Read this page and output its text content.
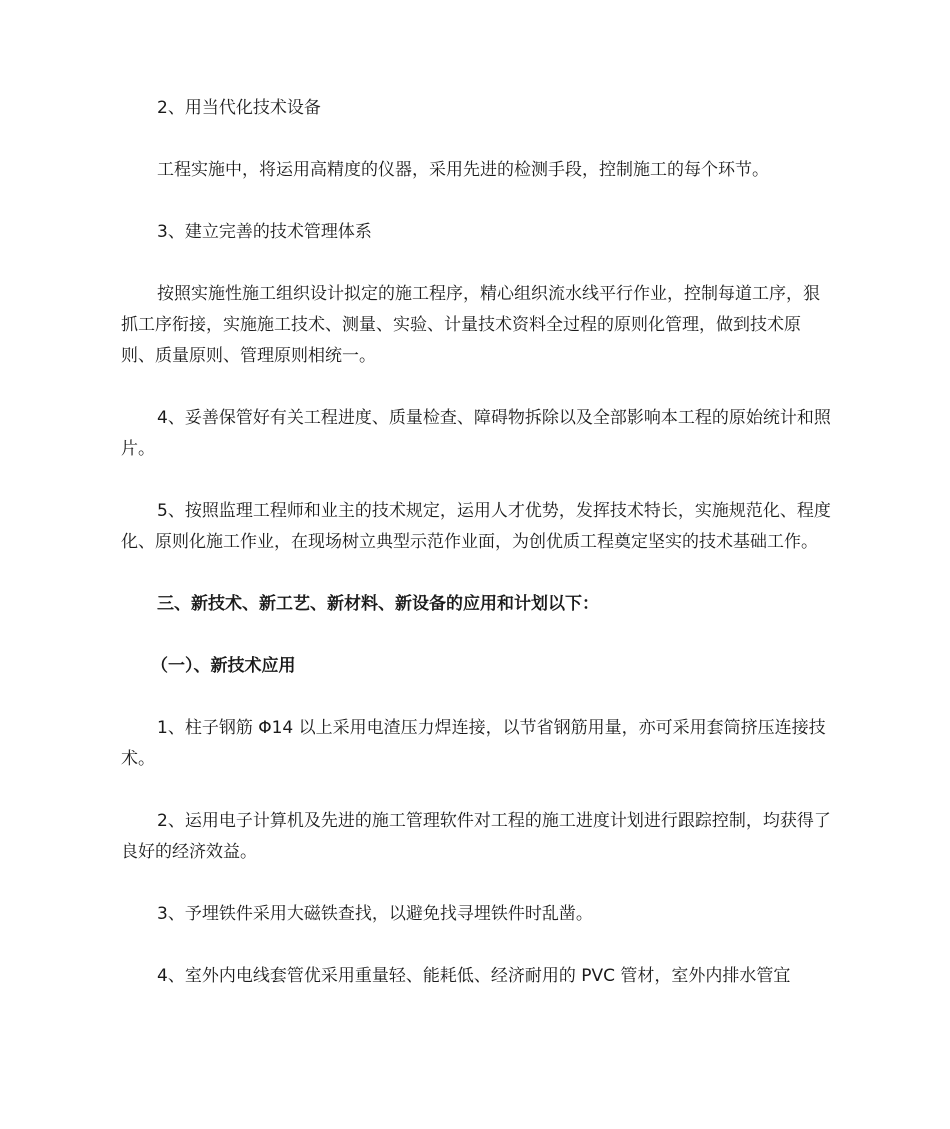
2、用当代化技术设备

工程实施中，将运用高精度的仪器，采用先进的检测手段，控制施工的每个环节。

3、建立完善的技术管理体系

按照实施性施工组织设计拟定的施工程序，精心组织流水线平行作业，控制每道工序，狠抓工序衔接，实施施工技术、测量、实验、计量技术资料全过程的原则化管理，做到技术原则、质量原则、管理原则相统一。

4、妥善保管好有关工程进度、质量检查、障碍物拆除以及全部影响本工程的原始统计和照片。

5、按照监理工程师和业主的技术规定，运用人才优势，发挥技术特长，实施规范化、程度化、原则化施工作业，在现场树立典型示范作业面，为创优质工程奠定坚实的技术基础工作。

三、新技术、新工艺、新材料、新设备的应用和计划以下：

（一）、新技术应用

1、柱子钢筋 Φ14 以上采用电渣压力焊连接，以节省钢筋用量，亦可采用套筒挤压连接技术。

2、运用电子计算机及先进的施工管理软件对工程的施工进度计划进行跟踪控制，均获得了良好的经济效益。

3、予埋铁件采用大磁铁查找，以避免找寻埋铁件时乱凿。

4、室外内电线套管优采用重量轻、能耗低、经济耐用的 PVC 管材，室外内排水管宜
